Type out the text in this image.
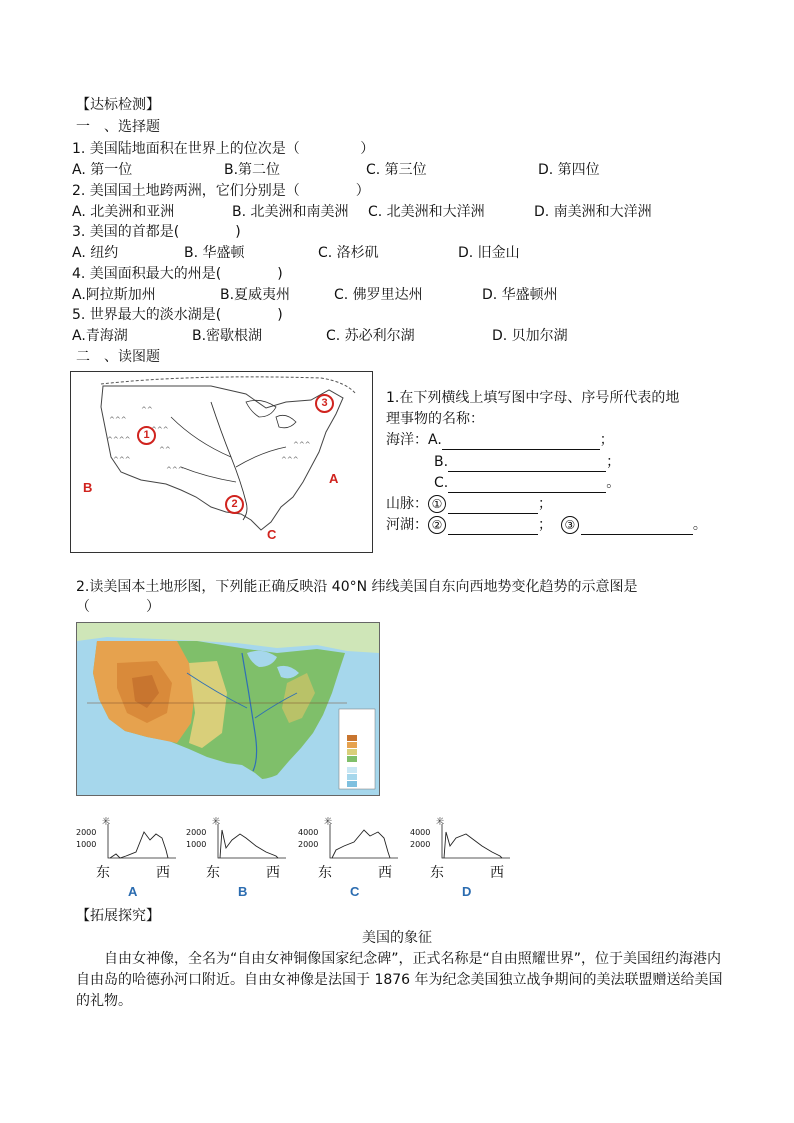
【达标检测】
一　、选择题
1. 美国陆地面积在世界上的位次是（ 　　　　）
A. 第一位	B.第二位	C. 第三位	D. 第四位
2. 美国国土地跨两洲，它们分别是（　　　　）
A. 北美洲和亚洲	B. 北美洲和南美洲 C. 北美洲和大洋洲	D. 南美洲和大洋洲
3. 美国的首都是(　　　　)
A. 纽约	B. 华盛顿	C. 洛杉矶	D. 旧金山
4. 美国面积最大的州是(　　　　)
A.阿拉斯加州	B.夏威夷州	C. 佛罗里达州	D. 华盛顿州
5. 世界最大的淡水湖是(　　　　)
A.青海湖	B.密歇根湖	C. 苏必利尔湖	D. 贝加尔湖
二　、读图题
^^^
^^^^
^^^
^^
^^^
^^
^^^
^^^
^^^
3
1
2
A
B
C
1.在下列横线上填写图中字母、序号所代表的地
理事物的名称：
海洋：A.	；
B.	；
C.	。
山脉： ①	；
河湖： ②	； ③	。
2.读美国本土地形图，下列能正确反映沿 40°N 纬线美国自东向西地势变化趋势的示意图是
（　　　　）
米
2000
1000
东	西
A
米
2000
1000
东	西
B
米
4000
2000
东	西
C
米
4000
2000
东	西
D
【拓展探究】
美国的象征
自由女神像，全名为“自由女神铜像国家纪念碑”，正式名称是“自由照耀世界”，位于美国纽约海港内自由岛的哈德孙河口附近。自由女神像是法国于 1876 年为纪念美国独立战争期间的美法联盟赠送给美国的礼物。
